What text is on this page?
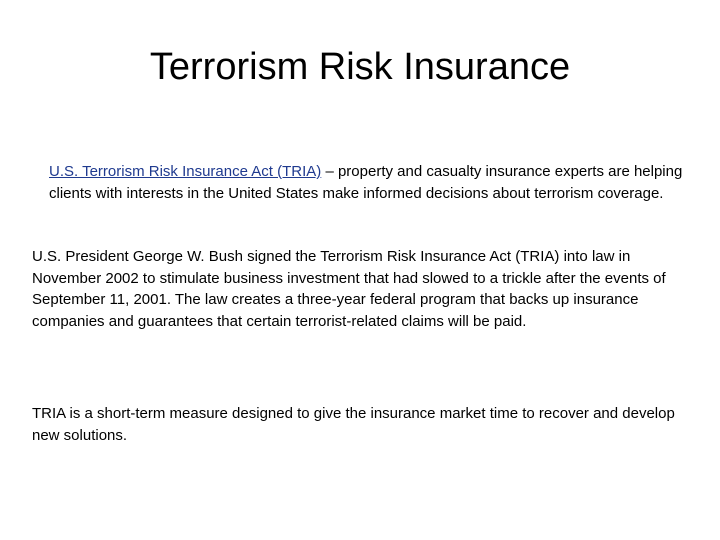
Terrorism Risk Insurance

U.S. Terrorism Risk Insurance Act (TRIA) – property and casualty insurance experts are helping clients with interests in the United States make informed decisions about terrorism coverage.

U.S. President George W. Bush signed the Terrorism Risk Insurance Act (TRIA) into law in November 2002 to stimulate business investment that had slowed to a trickle after the events of September 11, 2001. The law creates a three-year federal program that backs up insurance companies and guarantees that certain terrorist-related claims will be paid.

TRIA is a short-term measure designed to give the insurance market time to recover and develop new solutions.
